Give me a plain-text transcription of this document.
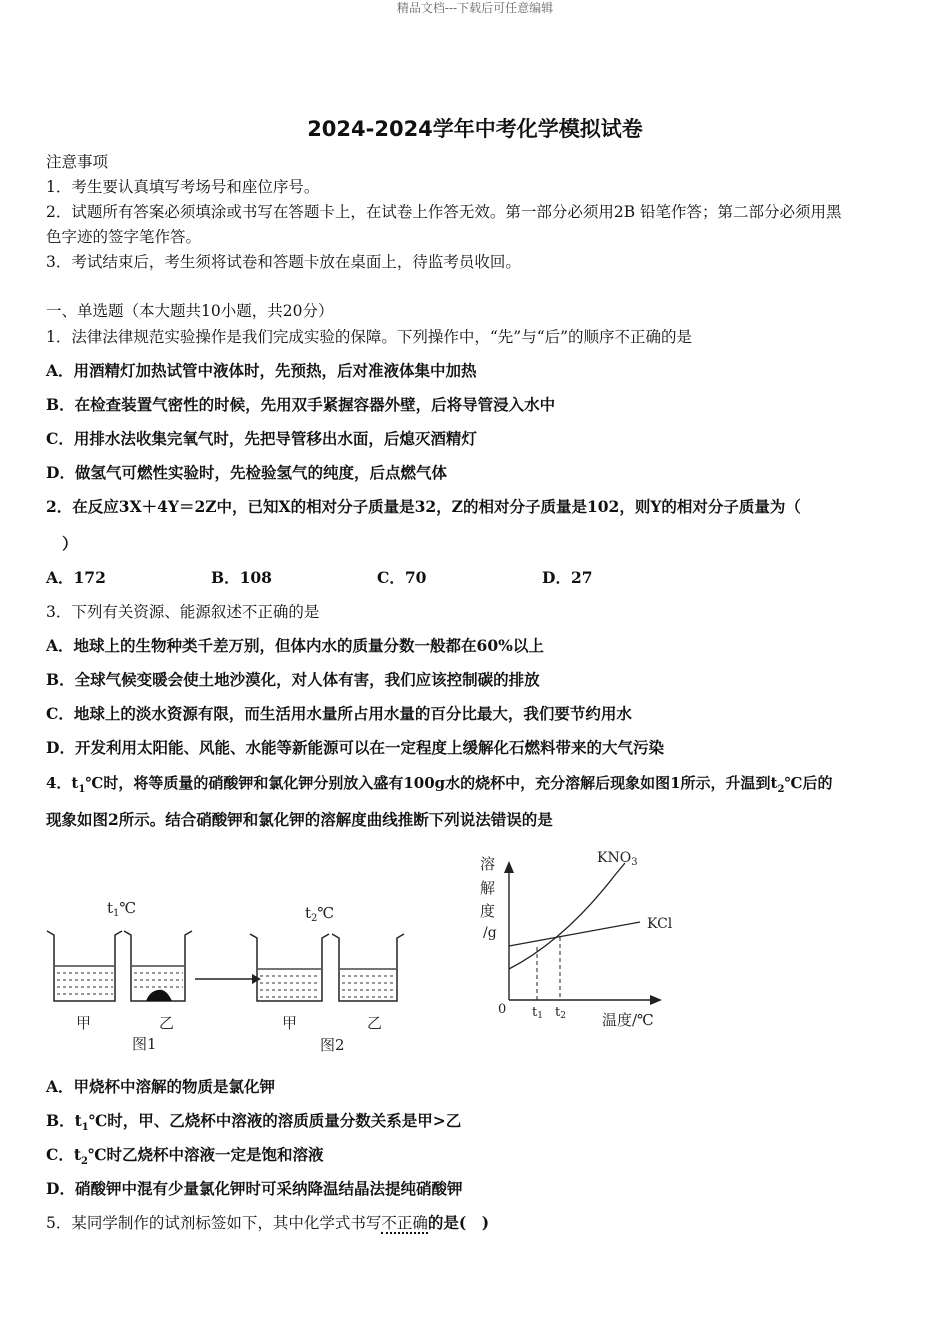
精品文档---下载后可任意编辑
2024-2024学年中考化学模拟试卷
注意事项
1．考生要认真填写考场号和座位序号。
2．试题所有答案必须填涂或书写在答题卡上，在试卷上作答无效。第一部分必须用2B 铅笔作答；第二部分必须用黑
色字迹的签字笔作答。
3．考试结束后，考生须将试卷和答题卡放在桌面上，待监考员收回。
一、单选题（本大题共10小题，共20分）
1．法律法律规范实验操作是我们完成实验的保障。下列操作中，“先”与“后”的顺序不正确的是
A．用酒精灯加热试管中液体时，先预热，后对准液体集中加热
B．在检查装置气密性的时候，先用双手紧握容器外壁，后将导管浸入水中
C．用排水法收集完氧气时，先把导管移出水面，后熄灭酒精灯
D．做氢气可燃性实验时，先检验氢气的纯度，后点燃气体
2．在反应3X＋4Y＝2Z中，已知X的相对分子质量是32，Z的相对分子质量是102，则Y的相对分子质量为（
）
A．172	B．108	C．70	D．27
3．下列有关资源、能源叙述不正确的是
A．地球上的生物种类千差万别，但体内水的质量分数一般都在60%以上
B．全球气候变暖会使土地沙漠化，对人体有害，我们应该控制碳的排放
C．地球上的淡水资源有限，而生活用水量所占用水量的百分比最大，我们要节约用水
D．开发利用太阳能、风能、水能等新能源可以在一定程度上缓解化石燃料带来的大气污染
4．$t_1℃$时，将等质量的硝酸钾和氯化钾分别放入盛有100g水的烧杯中，充分溶解后现象如图1所示，升温到$t_2℃$后的
现象如图2所示。结合硝酸钾和氯化钾的溶解度曲线推断下列说法错误的是
$t_1℃$	$t_2℃$
甲	乙	甲	乙
图1	图2
溶
解
度
/g
0 t1 t2
$KNO_3$
KCl
温度/℃
A．甲烧杯中溶解的物质是氯化钾
B．$t_1℃$时，甲、乙烧杯中溶液的溶质质量分数关系是甲>乙
C．$t_2℃$时乙烧杯中溶液一定是饱和溶液
D．硝酸钾中混有少量氯化钾时可采纳降温结晶法提纯硝酸钾
5．某同学制作的试剂标签如下，其中化学式书写不正确的是(　)
